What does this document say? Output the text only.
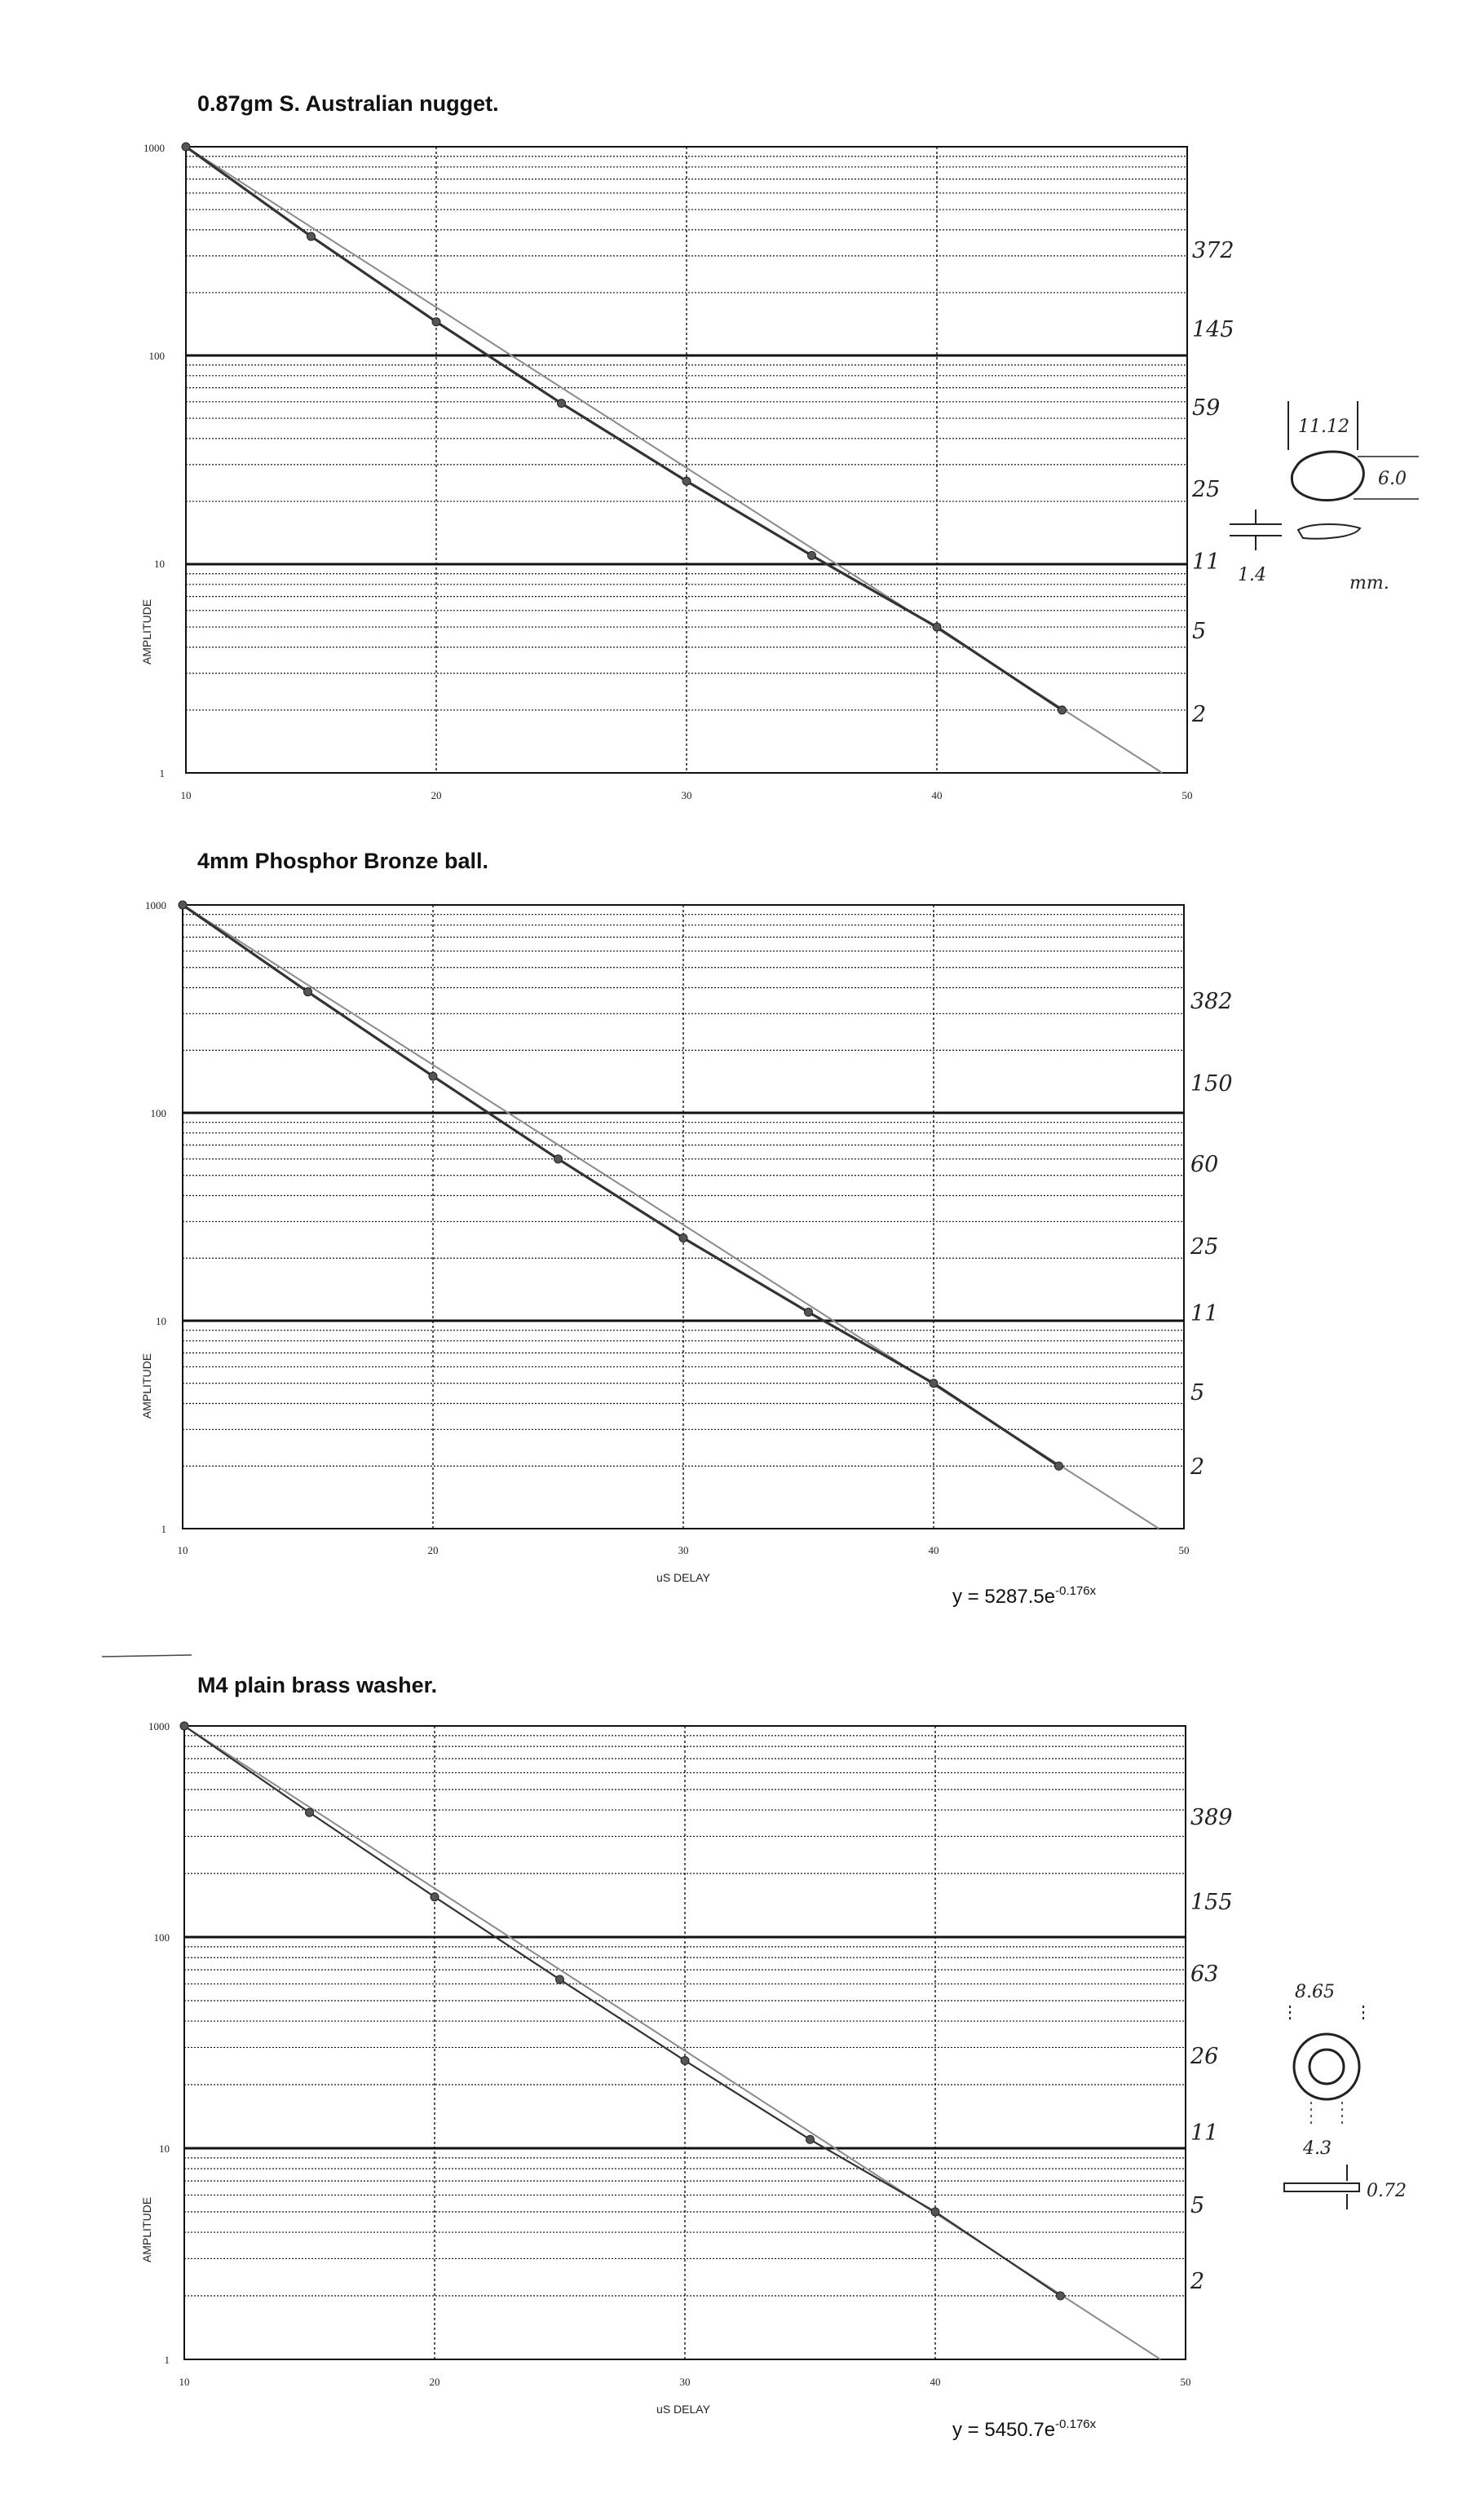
0.87gm S. Australian nugget.
AMPLITUDE
1000
100
10
1
10	20	30	40	50
372
145
59
25
11
5
2
11.12
6.0
1.4	mm.
4mm Phosphor Bronze ball.
AMPLITUDE
1000
100
10
1
10	20	30	40	50
uS DELAY
y = 5287.5e-0.176x
382
150
60
25
11
5
2
M4 plain brass washer.
AMPLITUDE
1000
100
10
1
10	20	30	40	50
uS DELAY
y = 5450.7e-0.176x
389
155
63
26
11
5
2
8.65
4.3
0.72
